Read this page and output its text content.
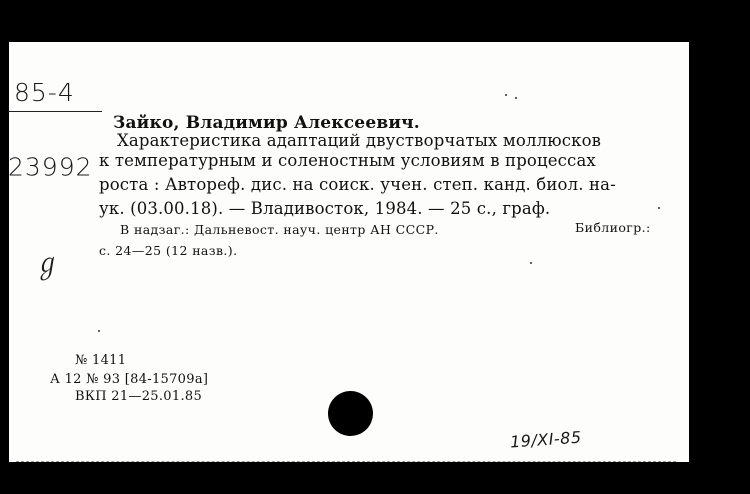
85-4
23992
Зайко, Владимир Алексеевич.
Характеристика адаптаций двустворчатых моллюсков
к температурным и соленостным условиям в процессах
роста : Автореф. дис. на соиск. учен. степ. канд. биол. на-
ук. (03.00.18). — Владивосток, 1984. — 25 с., граф.
В надзаг.: Дальневост. науч. центр АН СССР.	Библиогр.:
с. 24—25 (12 назв.).
ℊ
№ 1411
А 12 № 93 [84-15709а]
ВКП 21—25.01.85
19/XI-85
